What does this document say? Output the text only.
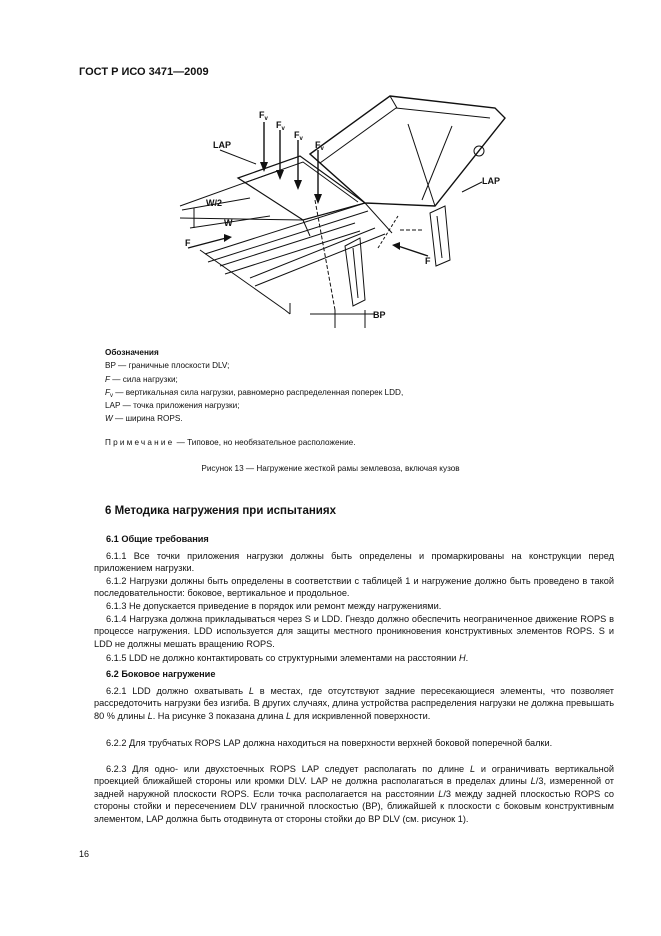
ГОСТ Р ИСО 3471—2009
$F_v$
$F_v$
$F_v$
$F_v$
LAP
LAP
W/2
W
F
F
BP
Обозначения
BP — граничные плоскости DLV;
F — сила нагрузки;
$F_v$ — вертикальная сила нагрузки, равномерно распределенная поперек LDD,
LAP — точка приложения нагрузки;
W — ширина ROPS.
Примечание — Типовое, но необязательное расположение.
Рисунок 13 — Нагружение жесткой рамы землевоза, включая кузов
6 Методика нагружения при испытаниях
6.1 Общие требования
6.1.1 Все точки приложения нагрузки должны быть определены и промаркированы на конструкции перед приложением нагрузки.
6.1.2 Нагрузки должны быть определены в соответствии с таблицей 1 и нагружение должно быть проведено в такой последовательности: боковое, вертикальное и продольное.
6.1.3 Не допускается приведение в порядок или ремонт между нагружениями.
6.1.4 Нагрузка должна прикладываться через S и LDD. Гнездо должно обеспечить неограниченное движение ROPS в процессе нагружения. LDD используется для защиты местного проникновения конструктивных элементов ROPS. S и LDD не должны мешать вращению ROPS.
6.1.5 LDD не должно контактировать со структурными элементами на расстоянии H.
6.2 Боковое нагружение
6.2.1 LDD должно охватывать L в местах, где отсутствуют задние пересекающиеся элементы, что позволяет рассредоточить нагрузки без изгиба. В других случаях, длина устройства распределения нагрузки не должна превышать 80 % длины L. На рисунке 3 показана длина L для искривленной поверхности.
6.2.2 Для трубчатых ROPS LAP должна находиться на поверхности верхней боковой поперечной балки.
6.2.3 Для одно- или двухстоечных ROPS LAP следует располагать по длине L и ограничивать вертикальной проекцией ближайшей стороны или кромки DLV. LAP не должна располагаться в пределах длины L/3, измеренной от задней наружной плоскости ROPS. Если точка располагается на расстоянии L/3 между задней плоскостью ROPS со стороны стойки и пересечением DLV граничной плоскостью (BP), ближайшей к плоскости с боковым конструктивным элементом, LAP должна быть отодвинута от стороны стойки до BP DLV (см. рисунок 1).
16
